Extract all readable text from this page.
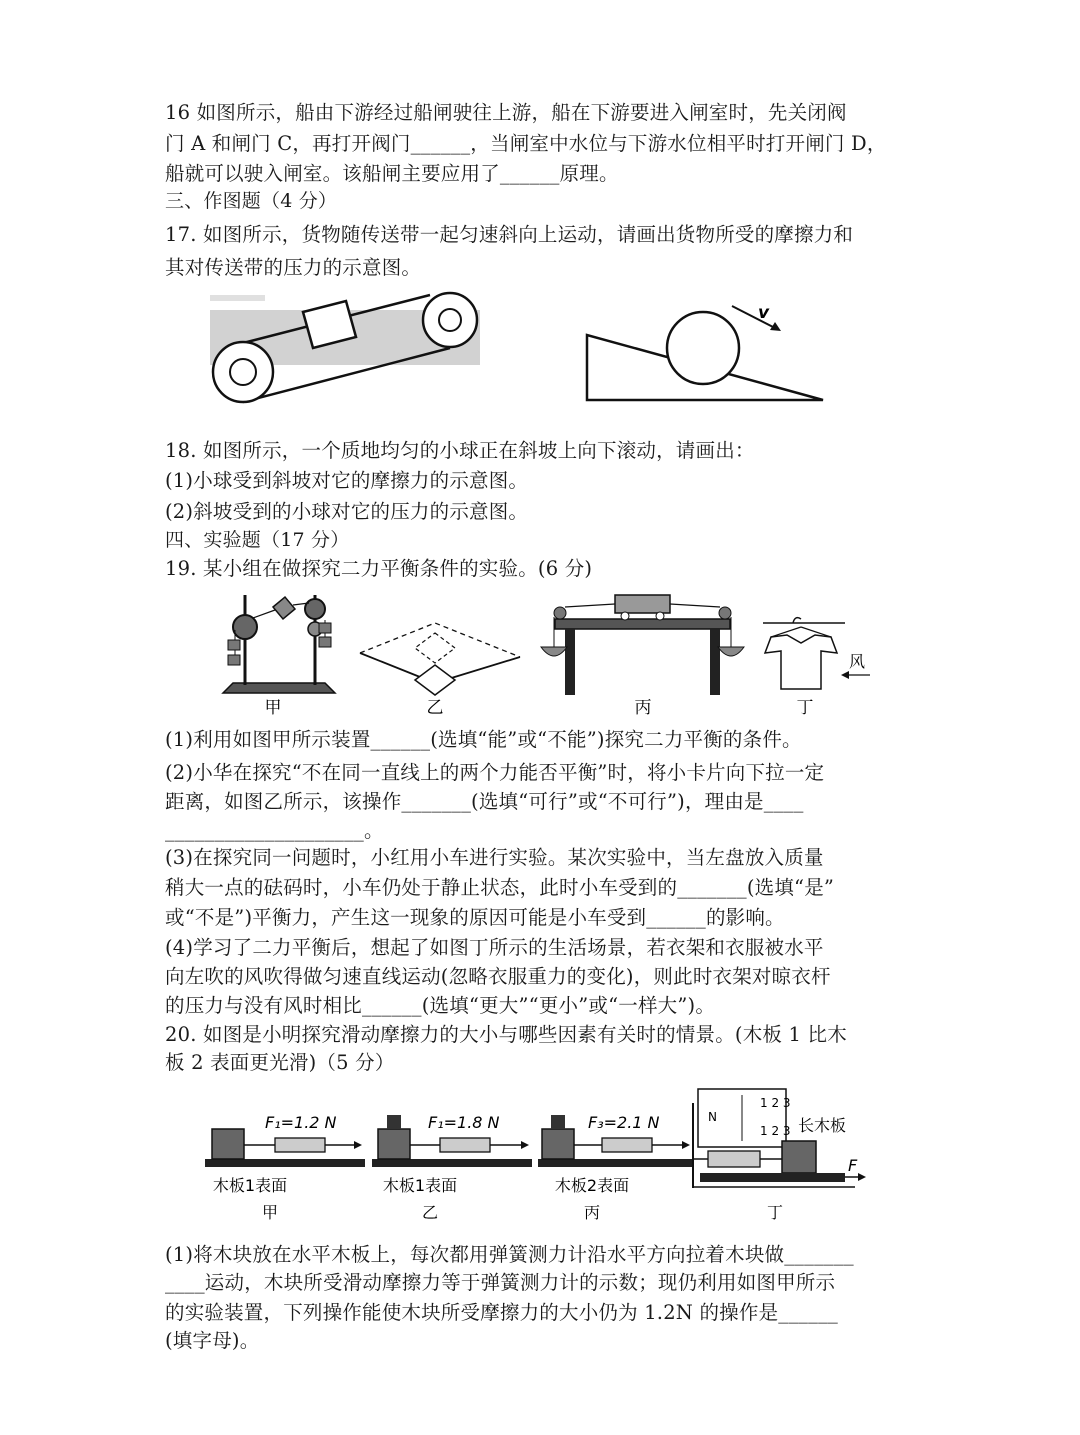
16 如图所示，船由下游经过船闸驶往上游，船在下游要进入闸室时，先关闭阀
门 A 和闸门 C，再打开阀门______，当闸室中水位与下游水位相平时打开闸门 D，
船就可以驶入闸室。该船闸主要应用了______原理。
三、作图题（4 分）
17. 如图所示，货物随传送带一起匀速斜向上运动，请画出货物所受的摩擦力和
其对传送带的压力的示意图。
v
18. 如图所示，一个质地均匀的小球正在斜坡上向下滚动，请画出：
(1)小球受到斜坡对它的摩擦力的示意图。
(2)斜坡受到的小球对它的压力的示意图。
四、实验题（17 分）
19. 某小组在做探究二力平衡条件的实验。(6 分)
甲	乙	丙
风
丁
(1)利用如图甲所示装置______(选填“能”或“不能”)探究二力平衡的条件。
(2)小华在探究“不在同一直线上的两个力能否平衡”时，将小卡片向下拉一定
距离，如图乙所示，该操作_______(选填“可行”或“不可行”)，理由是____
____________________。
(3)在探究同一问题时，小红用小车进行实验。某次实验中，当左盘放入质量
稍大一点的砝码时，小车仍处于静止状态，此时小车受到的_______(选填“是”
或“不是”)平衡力，产生这一现象的原因可能是小车受到______的影响。
(4)学习了二力平衡后，想起了如图丁所示的生活场景，若衣架和衣服被水平
向左吹的风吹得做匀速直线运动(忽略衣服重力的变化)，则此时衣架对晾衣杆
的压力与没有风时相比______(选填“更大”“更小”或“一样大”)。
20. 如图是小明探究滑动摩擦力的大小与哪些因素有关时的情景。(木板 1 比木
板 2 表面更光滑)（5 分）
F₁=1.2 N
木板1表面
甲
F₁=1.8 N
木板1表面
乙
F₃=2.1 N
木板2表面
丙
1 2 3
1 2 3
N	长木板
F
丁
(1)将木块放在水平木板上，每次都用弹簧测力计沿水平方向拉着木块做_______
____运动，木块所受滑动摩擦力等于弹簧测力计的示数；现仍利用如图甲所示
的实验装置，下列操作能使木块所受摩擦力的大小仍为 1.2N 的操作是______
(填字母)。
